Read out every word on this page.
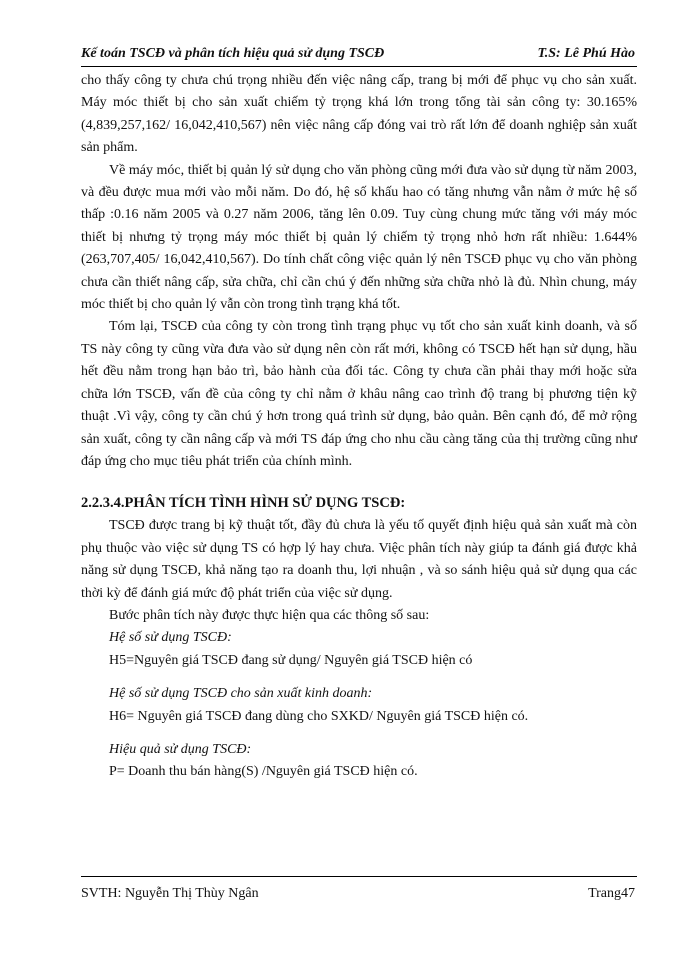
Kế toán TSCĐ và phân tích hiệu quả sử dụng TSCĐ	T.S: Lê Phú Hào

cho thấy công ty chưa chú trọng nhiều đến việc nâng cấp, trang bị mới để phục vụ cho sản xuất. Máy móc thiết bị cho sản xuất chiếm tỷ trọng khá lớn trong tổng tài sản công ty: 30.165%(4,839,257,162/ 16,042,410,567) nên việc nâng cấp đóng vai trò rất lớn để doanh nghiệp sản xuất sản phẩm.

Về máy móc, thiết bị quản lý sử dụng cho văn phòng cũng mới đưa vào sử dụng từ năm 2003, và đều được mua mới vào mỗi năm. Do đó, hệ số khấu hao có tăng nhưng vẫn nằm ở mức hệ số thấp :0.16 năm 2005 và 0.27 năm 2006, tăng lên 0.09. Tuy cùng chung mức tăng với máy móc thiết bị nhưng tỷ trọng máy móc thiết bị quản lý chiếm tỷ trọng nhỏ hơn rất nhiều: 1.644% (263,707,405/ 16,042,410,567). Do tính chất công việc quản lý nên TSCĐ phục vụ cho văn phòng chưa cần thiết nâng cấp, sửa chữa, chỉ cần chú ý đến những sửa chữa nhỏ là đủ. Nhìn chung, máy móc thiết bị cho quản lý vẫn còn trong tình trạng khá tốt.

Tóm lại, TSCĐ của công ty còn trong tình trạng phục vụ tốt cho sản xuất kinh doanh, và số TS này công ty cũng vừa đưa vào sử dụng nên còn rất mới, không có TSCĐ hết hạn sử dụng, hầu hết đều nằm trong hạn bảo trì, bảo hành của đối tác. Công ty chưa cần phải thay mới hoặc sửa chữa lớn TSCĐ, vấn đề của công ty chỉ nằm ở khâu nâng cao trình độ trang bị phương tiện kỹ thuật .Vì vậy, công ty cần chú ý hơn trong quá trình sử dụng, bảo quản. Bên cạnh đó, để mở rộng sản xuất, công ty cần nâng cấp và mới TS đáp ứng cho nhu cầu càng tăng của thị trường cũng như đáp ứng cho mục tiêu phát triển của chính mình.

2.2.3.4.PHÂN TÍCH TÌNH HÌNH SỬ DỤNG TSCĐ:

TSCĐ được trang bị kỹ thuật tốt, đầy đủ chưa là yếu tố quyết định hiệu quả sản xuất mà còn phụ thuộc vào việc sử dụng TS có hợp lý hay chưa. Việc phân tích này giúp ta đánh giá được khả năng sử dụng TSCĐ, khả năng tạo ra doanh thu, lợi nhuận , và so sánh hiệu quả sử dụng qua các thời kỳ để đánh giá mức độ phát triển của việc sử dụng.

Bước phân tích này được thực hiện qua các thông số sau:

Hệ số sử dụng TSCĐ:

H5=Nguyên giá TSCĐ đang sử dụng/ Nguyên giá TSCĐ hiện có

Hệ số sử dụng TSCĐ cho sản xuất kinh doanh:

H6= Nguyên giá TSCĐ đang dùng cho SXKD/ Nguyên giá TSCĐ hiện có.

Hiệu quả sử dụng TSCĐ:

P= Doanh thu bán hàng(S) /Nguyên giá TSCĐ hiện có.

SVTH: Nguyễn Thị Thùy Ngân	Trang47
